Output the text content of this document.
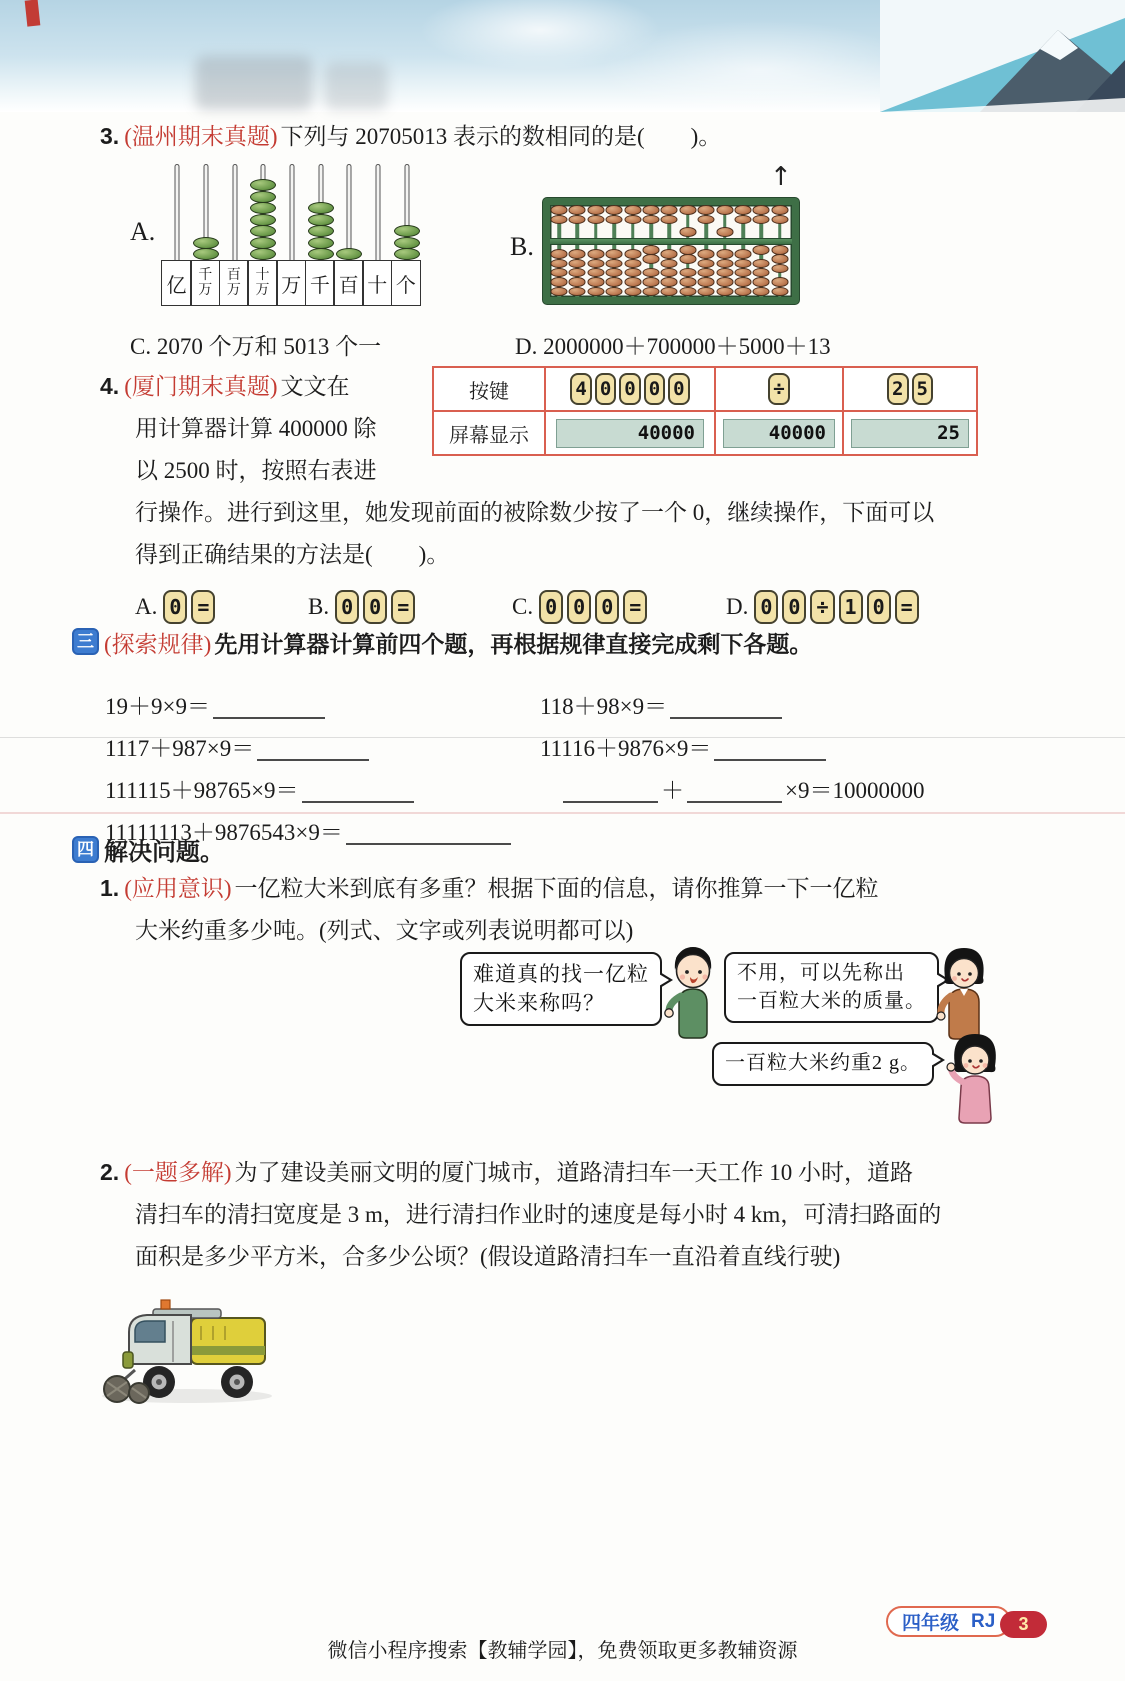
3. (温州期末真题) 下列与 20705013 表示的数相同的是(　　)。
A.
亿 千
万
百
万
十
万 万 千 百 十 个
B.
↑
C. 2070 个万和 5013 个一	D. 2000000＋700000＋5000＋13
4. (厦门期末真题) 文文在
用计算器计算 400000 除
以 2500 时，按照右表进
按键	4 0 0 0 0	÷	2 5
屏幕显示	40000	40000	25
行操作。进行到这里，她发现前面的被除数少按了一个 0，继续操作，下面可以
得到正确结果的方法是(　　)。
A. 0 =	B. 0 0 =	C. 0 0 0 =	D. 0 0 ÷ 1 0 =
三 (探索规律) 先用计算器计算前四个题，再根据规律直接完成剩下各题。
19＋9×9＝	118＋98×9＝
1117＋987×9＝	11116＋9876×9＝
111115＋98765×9＝	＋	×9＝10000000
11111113＋9876543×9＝
四 解决问题。
1. (应用意识) 一亿粒大米到底有多重？根据下面的信息，请你推算一下一亿粒
大米约重多少吨。(列式、文字或列表说明都可以)
难道真的找一亿粒
大米来称吗？
不用，可以先称出
一百粒大米的质量。
一百粒大米约重2 g。
2. (一题多解) 为了建设美丽文明的厦门城市，道路清扫车一天工作 10 小时，道路
清扫车的清扫宽度是 3 m，进行清扫作业时的速度是每小时 4 km，可清扫路面的
面积是多少平方米，合多少公顷？(假设道路清扫车一直沿着直线行驶)
微信小程序搜索【教辅学园】，免费领取更多教辅资源
四年级 RJ	3
